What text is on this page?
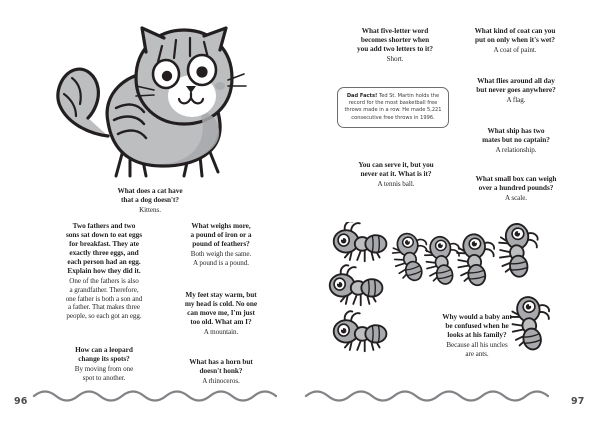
What does a cat have
that a dog doesn't?

Kittens.

Two fathers and two
sons sat down to eat eggs
for breakfast. They ate
exactly three eggs, and
each person had an egg.
Explain how they did it.

One of the fathers is also
a grandfather. Therefore,
one father is both a son and
a father. That makes three
people, so each got an egg.

How can a leopard
change its spots?

By moving from one
spot to another.

What weighs more,
a pound of iron or a
pound of feathers?

Both weigh the same.
A pound is a pound.

My feet stay warm, but
my head is cold. No one
can move me, I'm just
too old. What am I?

A mountain.

What has a horn but
doesn't honk?

A rhinoceros.

What five-letter word
becomes shorter when
you add two letters to it?

Short.

You can serve it, but you
never eat it. What is it?

A tennis ball.

What kind of coat can you
put on only when it's wet?

A coat of paint.

What flies around all day
but never goes anywhere?

A flag.

What ship has two
mates but no captain?

A relationship.

What small box can weigh
over a hundred pounds?

A scale.

Why would a baby ant
be confused when he
looks at his family?

Because all his uncles
are ants.

Dad Facts! Ted St. Martin holds the record for the most basketball free throws made in a row. He made 5,221 consecutive free throws in 1996.
96	97
